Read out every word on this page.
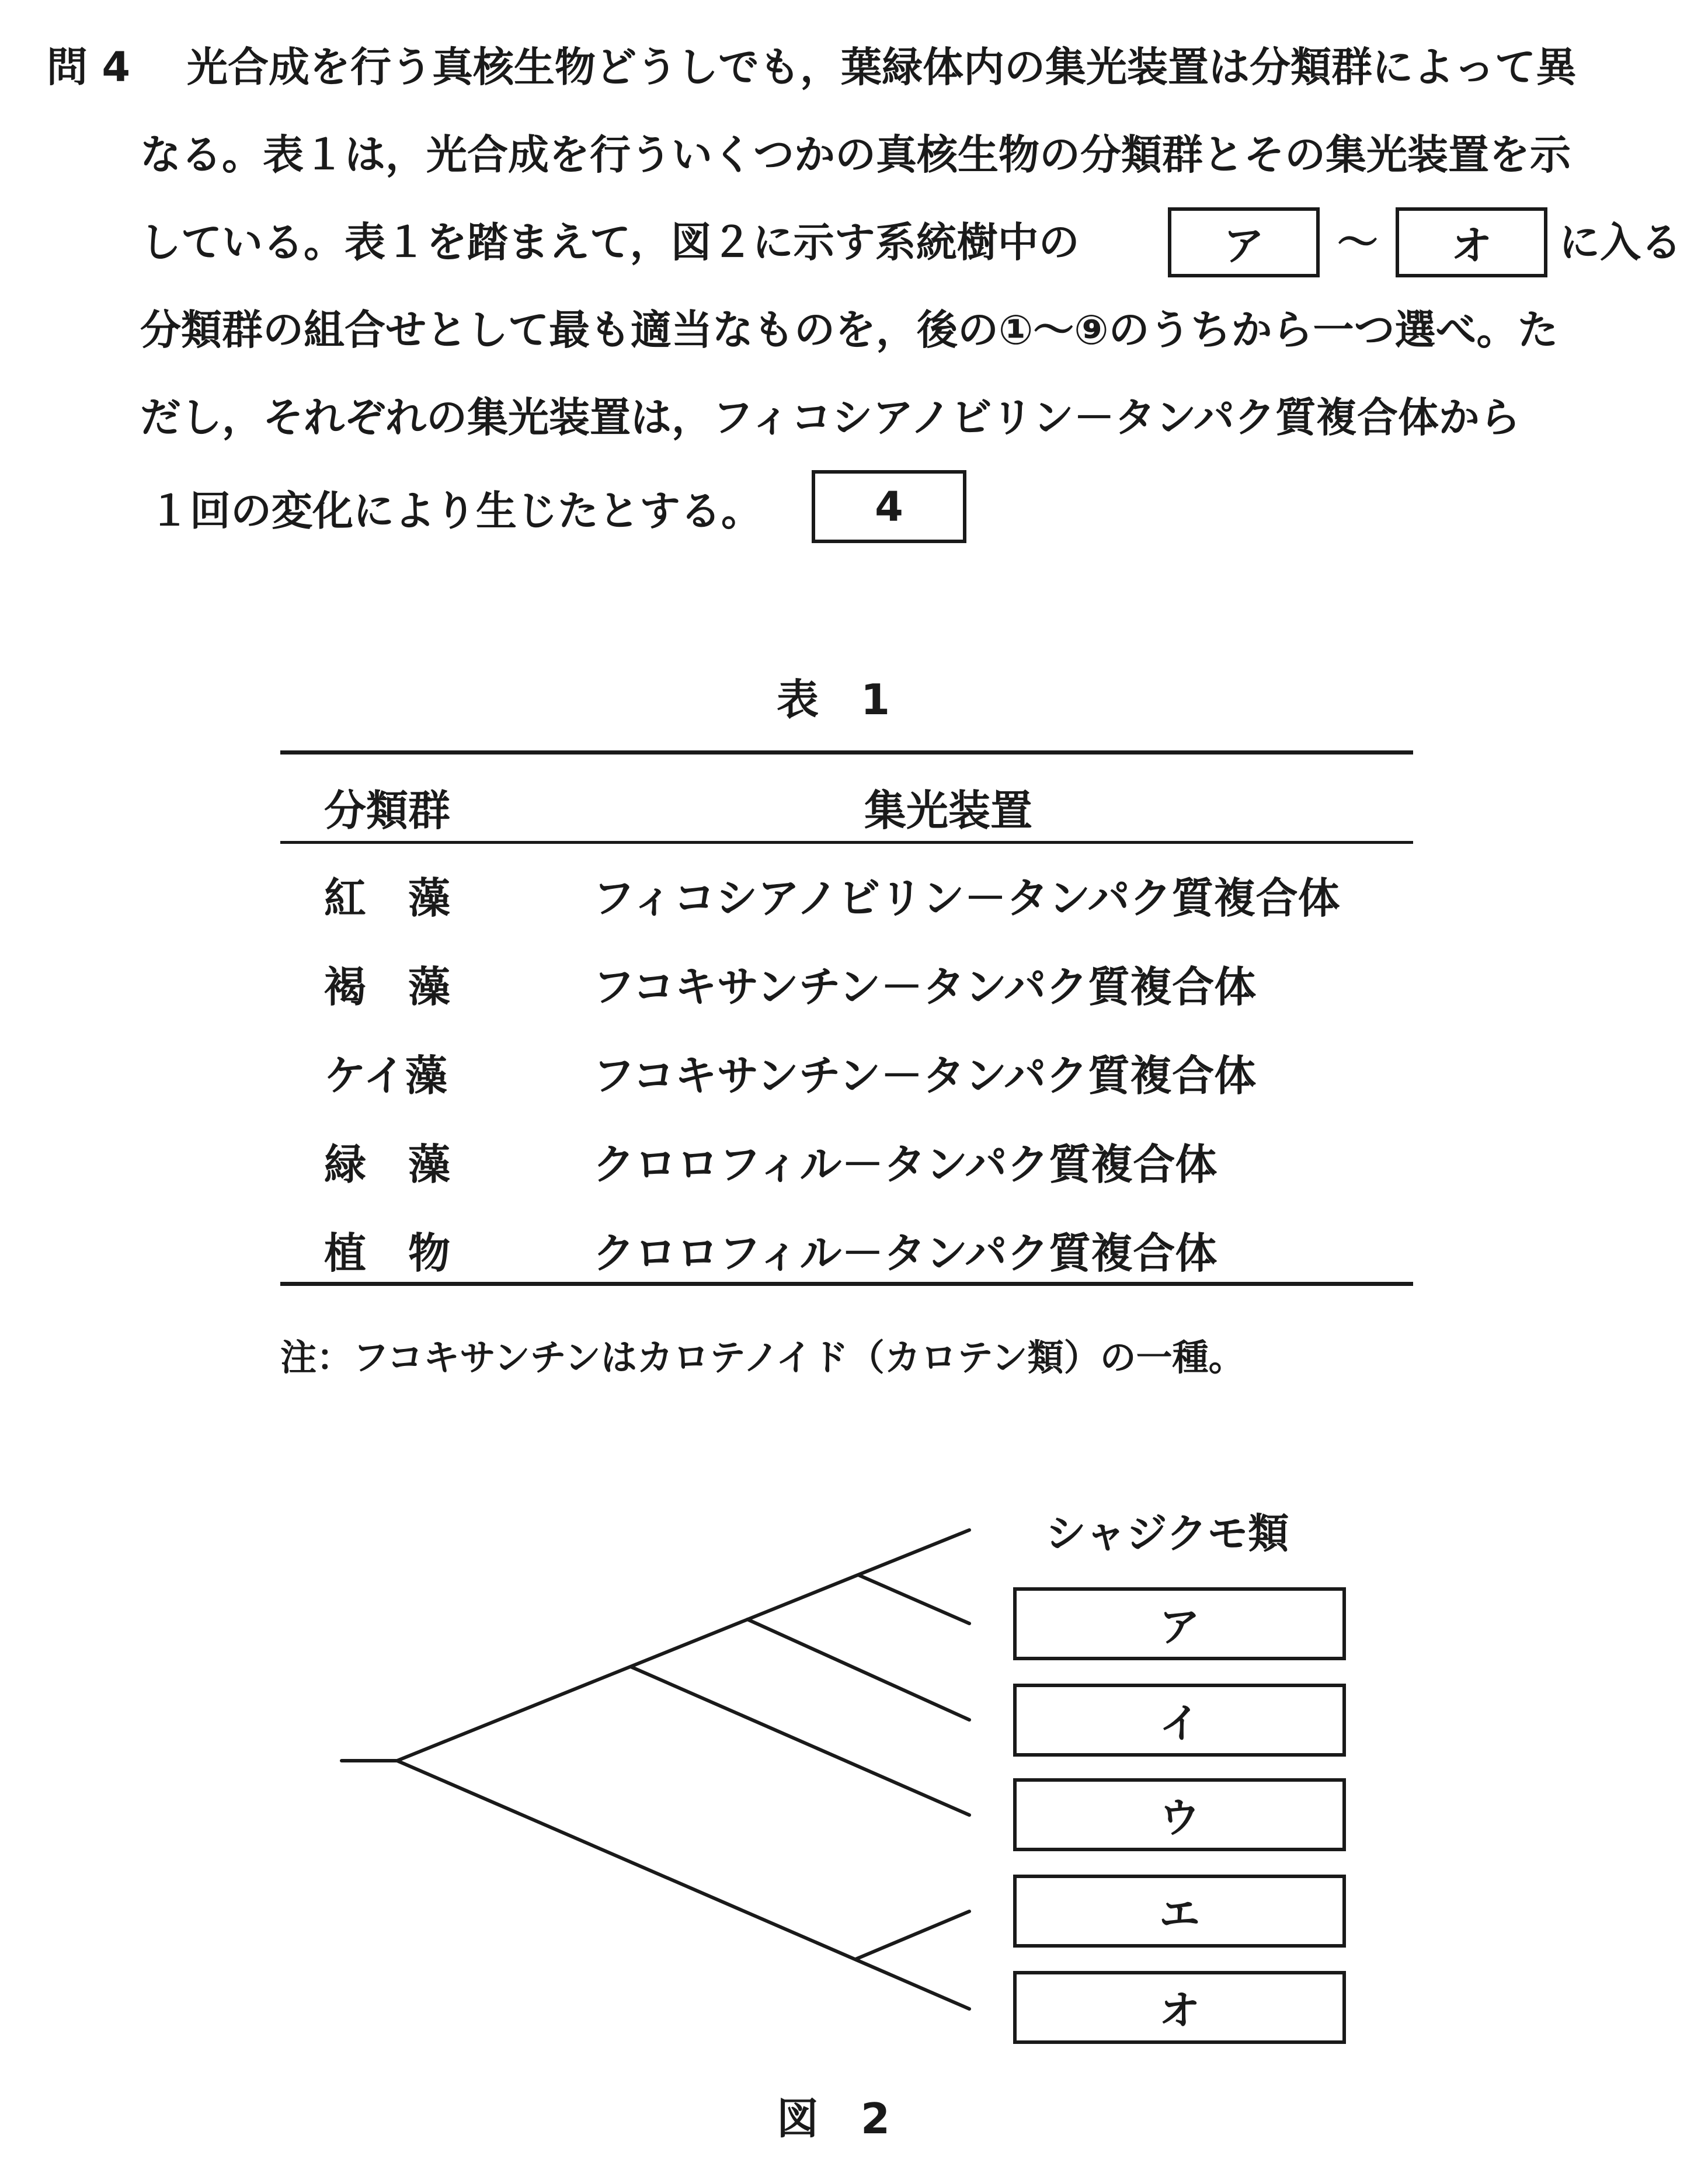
問 4 光合成を行う真核生物どうしでも，葉緑体内の集光装置は分類群によって異
なる。表１は，光合成を行ういくつかの真核生物の分類群とその集光装置を示
している。表１を踏まえて，図２に示す系統樹中の	ア ～ オ に入る
分類群の組合せとして最も適当なものを，後の①～⑨のうちから一つ選べ。た
だし，それぞれの集光装置は，フィコシアノビリン－タンパク質複合体から
１回の変化により生じたとする。	4
表　1
分類群	集光装置
紅　藻	フィコシアノビリン－タンパク質複合体
褐　藻	フコキサンチン－タンパク質複合体
ケイ藻	フコキサンチン－タンパク質複合体
緑　藻	クロロフィル－タンパク質複合体
植　物	クロロフィル－タンパク質複合体
注：フコキサンチンはカロテノイド（カロテン類）の一種。
シャジクモ類
ア
イ
ウ
エ
オ
図　2
